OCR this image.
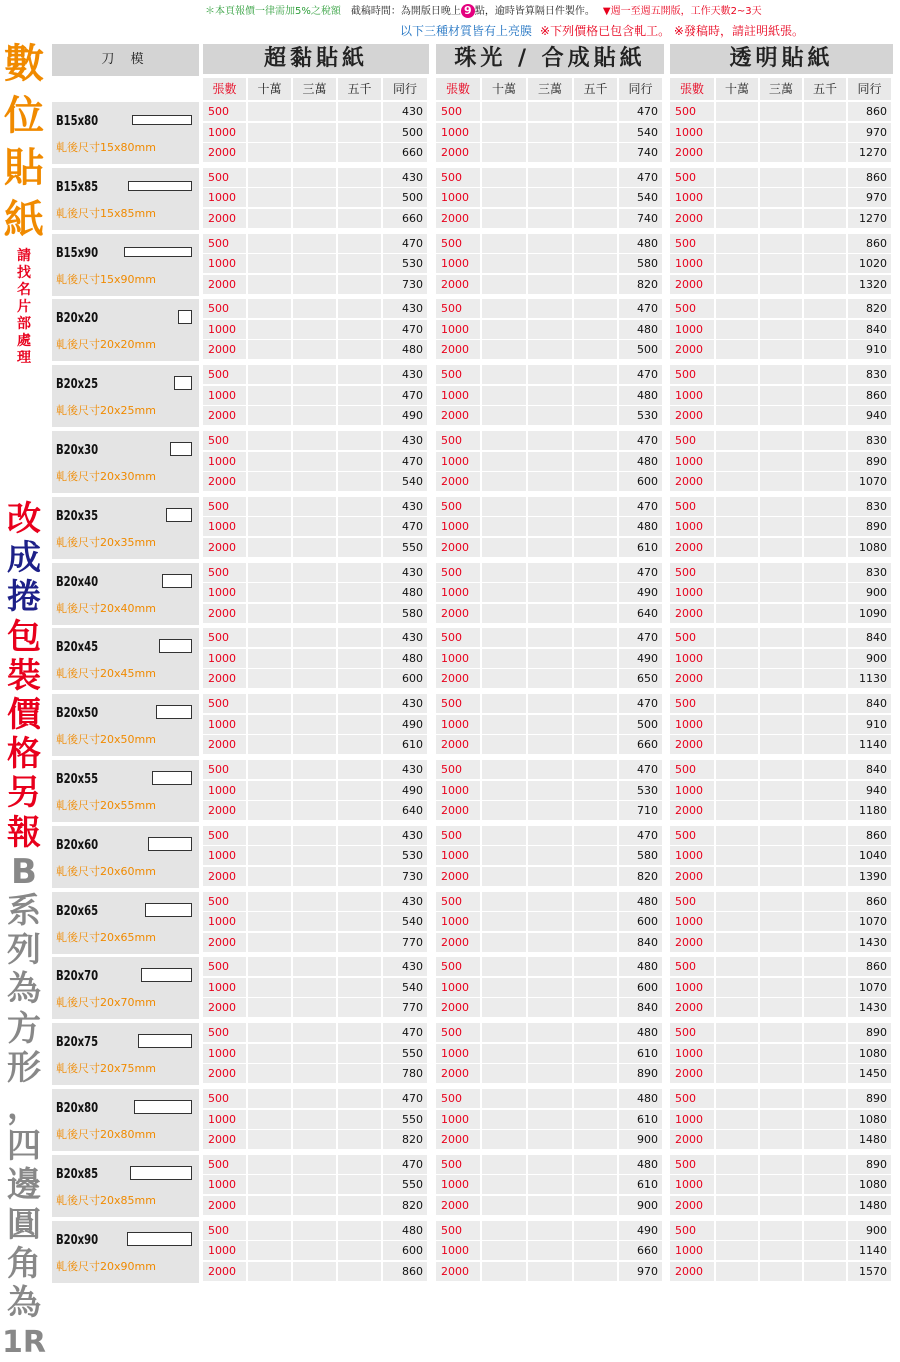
＊本頁報價一律需加5%之稅額 截稿時間：為開版日晚上 9 點，逾時皆算隔日件製作。 ▼週一至週五開版，工作天數2~3天
以下三種材質皆有上亮膜 ※下列價格已包含軋工。 ※發稿時，請註明紙張。
數
位
貼
紙
請
找
名
片
部
處
理
改
成
捲
包
裝
價
格
另
報
B
系
列
為
方
形
，
四
邊
圓
角
為
1R
刀 模	超黏貼紙
張數	十萬	三萬	五千	同行
珠光 / 合成貼紙
張數	十萬	三萬	五千	同行
透明貼紙
張數	十萬	三萬	五千	同行
B15x80
軋後尺寸15x80mm
500	430
1000	500
2000	660
500	470
1000	540
2000	740
500	860
1000	970
2000	1270
B15x85
軋後尺寸15x85mm
500	430
1000	500
2000	660
500	470
1000	540
2000	740
500	860
1000	970
2000	1270
B15x90
軋後尺寸15x90mm
500	470
1000	530
2000	730
500	480
1000	580
2000	820
500	860
1000	1020
2000	1320
B20x20
軋後尺寸20x20mm
500	430
1000	470
2000	480
500	470
1000	480
2000	500
500	820
1000	840
2000	910
B20x25
軋後尺寸20x25mm
500	430
1000	470
2000	490
500	470
1000	480
2000	530
500	830
1000	860
2000	940
B20x30
軋後尺寸20x30mm
500	430
1000	470
2000	540
500	470
1000	480
2000	600
500	830
1000	890
2000	1070
B20x35
軋後尺寸20x35mm
500	430
1000	470
2000	550
500	470
1000	480
2000	610
500	830
1000	890
2000	1080
B20x40
軋後尺寸20x40mm
500	430
1000	480
2000	580
500	470
1000	490
2000	640
500	830
1000	900
2000	1090
B20x45
軋後尺寸20x45mm
500	430
1000	480
2000	600
500	470
1000	490
2000	650
500	840
1000	900
2000	1130
B20x50
軋後尺寸20x50mm
500	430
1000	490
2000	610
500	470
1000	500
2000	660
500	840
1000	910
2000	1140
B20x55
軋後尺寸20x55mm
500	430
1000	490
2000	640
500	470
1000	530
2000	710
500	840
1000	940
2000	1180
B20x60
軋後尺寸20x60mm
500	430
1000	530
2000	730
500	470
1000	580
2000	820
500	860
1000	1040
2000	1390
B20x65
軋後尺寸20x65mm
500	430
1000	540
2000	770
500	480
1000	600
2000	840
500	860
1000	1070
2000	1430
B20x70
軋後尺寸20x70mm
500	430
1000	540
2000	770
500	480
1000	600
2000	840
500	860
1000	1070
2000	1430
B20x75
軋後尺寸20x75mm
500	470
1000	550
2000	780
500	480
1000	610
2000	890
500	890
1000	1080
2000	1450
B20x80
軋後尺寸20x80mm
500	470
1000	550
2000	820
500	480
1000	610
2000	900
500	890
1000	1080
2000	1480
B20x85
軋後尺寸20x85mm
500	470
1000	550
2000	820
500	480
1000	610
2000	900
500	890
1000	1080
2000	1480
B20x90
軋後尺寸20x90mm
500	480
1000	600
2000	860
500	490
1000	660
2000	970
500	900
1000	1140
2000	1570
